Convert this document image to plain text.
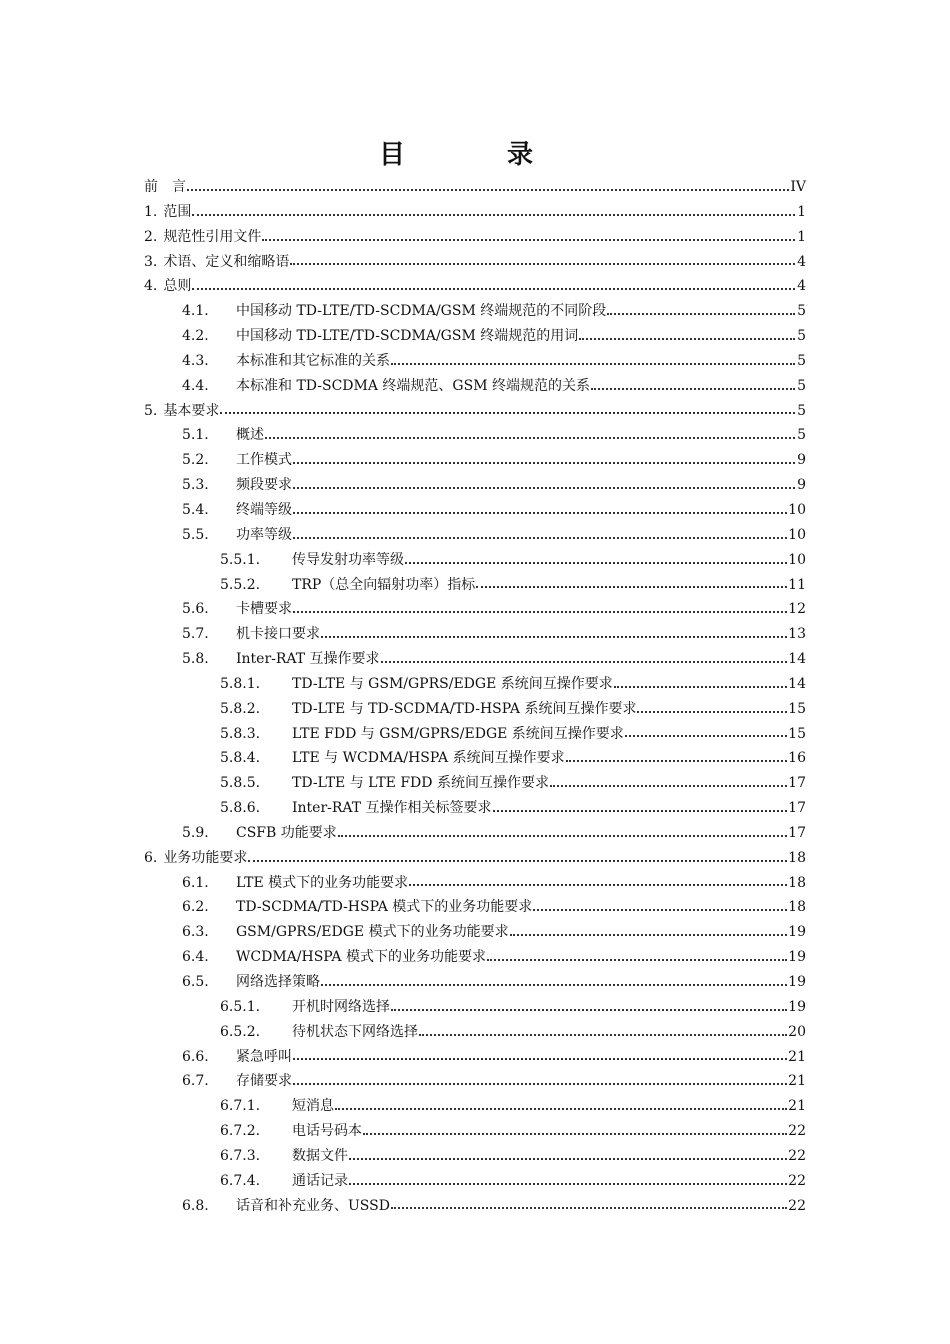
目　录
前　言	IV
1. 范围	1
2. 规范性引用文件	1
3. 术语、定义和缩略语	4
4. 总则	4
4.1.	中国移动 TD-LTE/TD-SCDMA/GSM 终端规范的不同阶段	5
4.2.	中国移动 TD-LTE/TD-SCDMA/GSM 终端规范的用词	5
4.3.	本标准和其它标准的关系	5
4.4.	本标准和 TD-SCDMA 终端规范、GSM 终端规范的关系	5
5. 基本要求	5
5.1.	概述	5
5.2.	工作模式	9
5.3.	频段要求	9
5.4.	终端等级	10
5.5.	功率等级	10
5.5.1.	传导发射功率等级	10
5.5.2.	TRP（总全向辐射功率）指标	11
5.6.	卡槽要求	12
5.7.	机卡接口要求	13
5.8.	Inter-RAT 互操作要求	14
5.8.1.	TD-LTE 与 GSM/GPRS/EDGE 系统间互操作要求	14
5.8.2.	TD-LTE 与 TD-SCDMA/TD-HSPA 系统间互操作要求	15
5.8.3.	LTE FDD 与 GSM/GPRS/EDGE 系统间互操作要求	15
5.8.4.	LTE 与 WCDMA/HSPA 系统间互操作要求	16
5.8.5.	TD-LTE 与 LTE FDD 系统间互操作要求	17
5.8.6.	Inter-RAT 互操作相关标签要求	17
5.9.	CSFB 功能要求	17
6. 业务功能要求	18
6.1.	LTE 模式下的业务功能要求	18
6.2.	TD-SCDMA/TD-HSPA 模式下的业务功能要求	18
6.3.	GSM/GPRS/EDGE 模式下的业务功能要求	19
6.4.	WCDMA/HSPA 模式下的业务功能要求	19
6.5.	网络选择策略	19
6.5.1.	开机时网络选择	19
6.5.2.	待机状态下网络选择	20
6.6.	紧急呼叫	21
6.7.	存储要求	21
6.7.1.	短消息	21
6.7.2.	电话号码本	22
6.7.3.	数据文件	22
6.7.4.	通话记录	22
6.8.	话音和补充业务、USSD	22
